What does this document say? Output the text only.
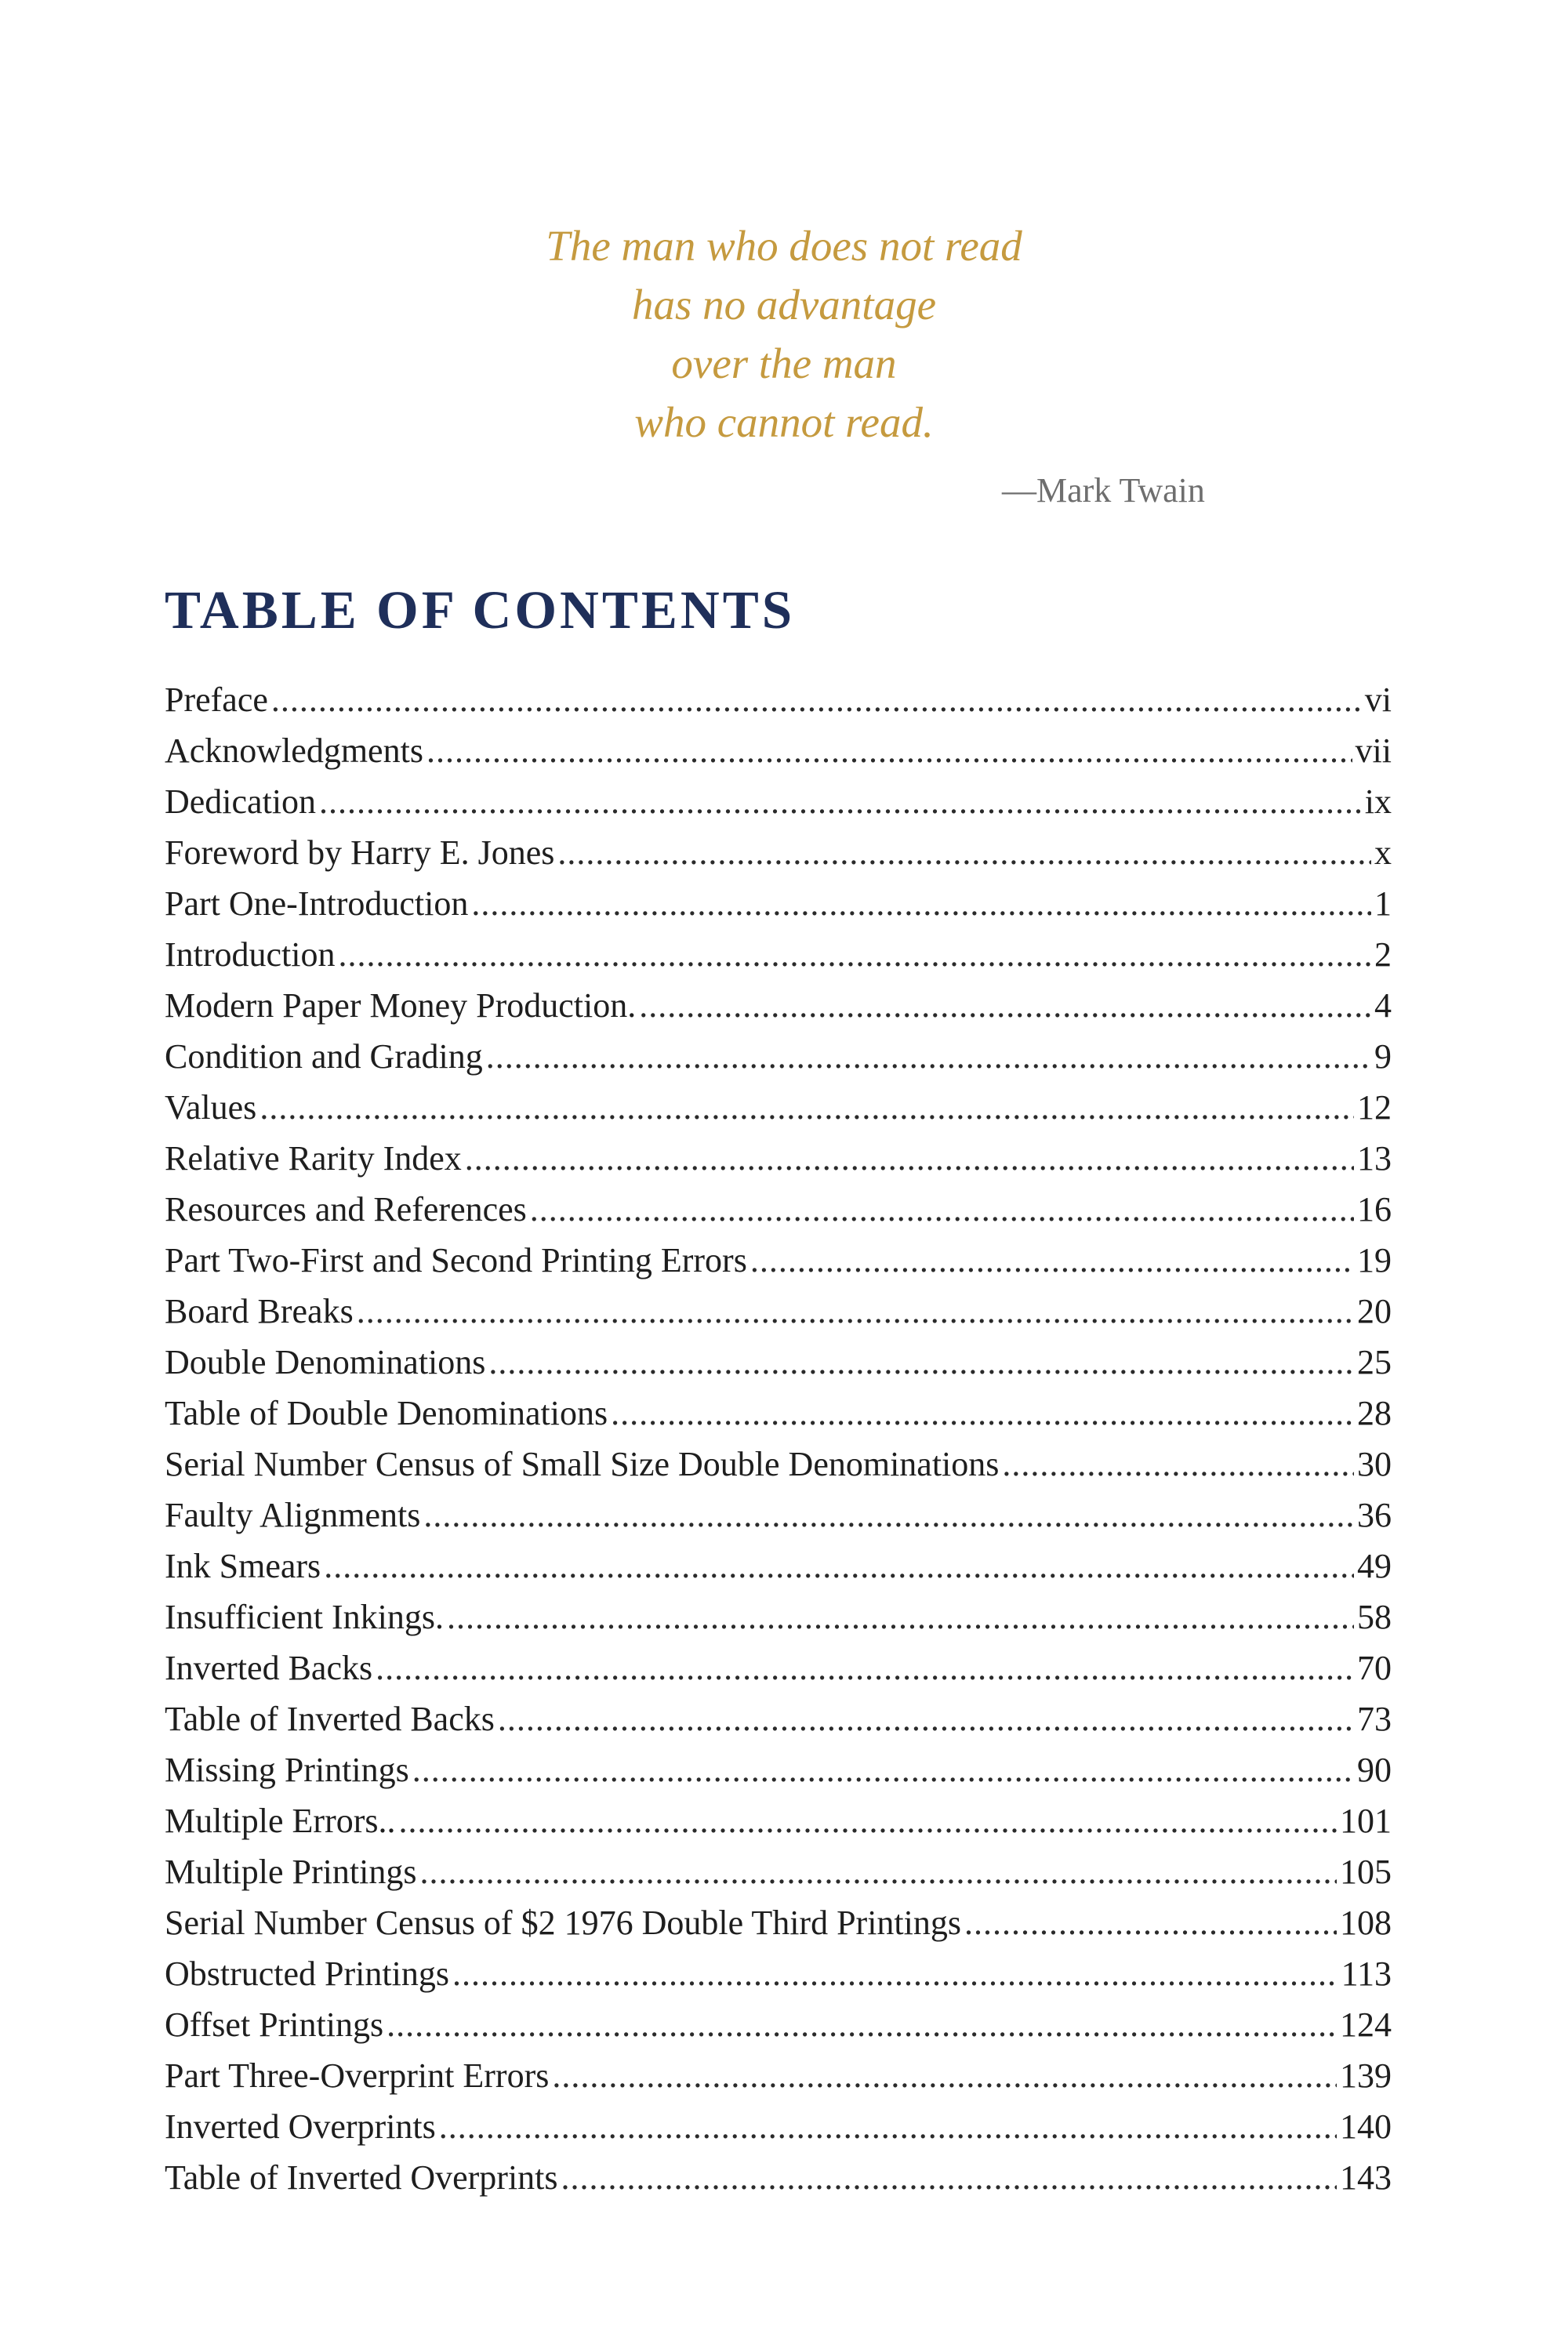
The man who does not read
has no advantage
over the man
who cannot read.
—Mark Twain
TABLE OF CONTENTS
Preface .....	vi
Acknowledgments .....	vii
Dedication .....	ix
Foreword by Harry E. Jones .....	x
Part One-Introduction .....	1
Introduction .....	2
Modern Paper Money Production. .....	4
Condition and Grading .....	9
Values .....	12
Relative Rarity Index .....	13
Resources and References .....	16
Part Two-First and Second Printing Errors .....	19
Board Breaks .....	20
Double Denominations .....	25
Table of Double Denominations .....	28
Serial Number Census of Small Size Double Denominations .....	30
Faulty Alignments .....	36
Ink Smears .....	49
Insufficient Inkings. .....	58
Inverted Backs .....	70
Table of Inverted Backs .....	73
Missing Printings .....	90
Multiple Errors.. .....	101
Multiple Printings .....	105
Serial Number Census of $2 1976 Double Third Printings .....	108
Obstructed Printings .....	113
Offset Printings .....	124
Part Three-Overprint Errors .....	139
Inverted Overprints .....	140
Table of Inverted Overprints .....	143
